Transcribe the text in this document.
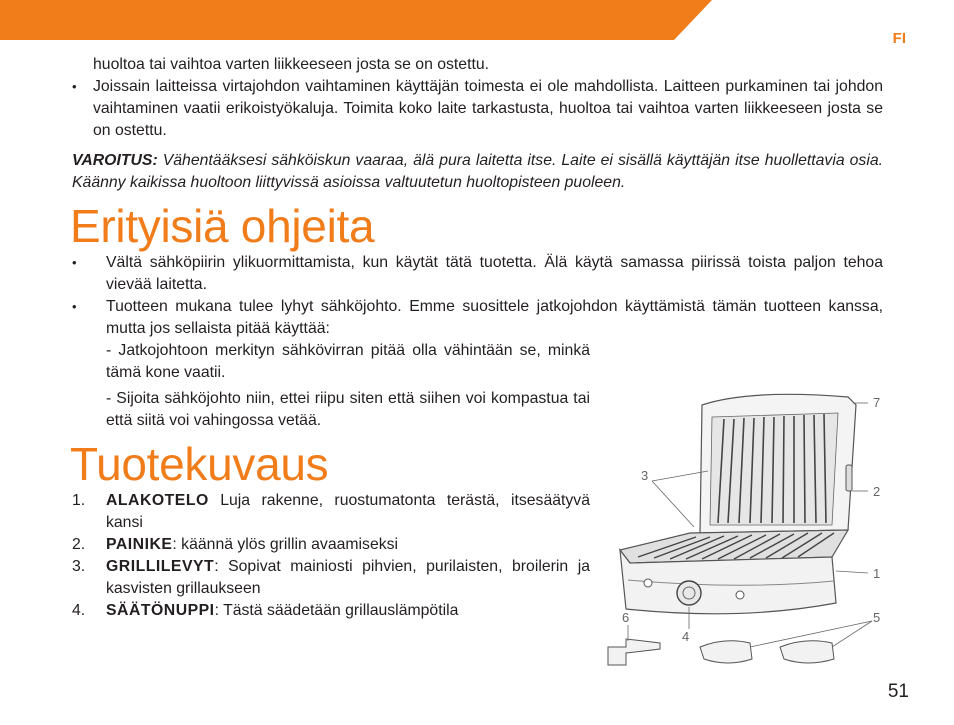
FI

huoltoa tai vaihtoa varten liikkeeseen josta se on ostettu.

• Joissain laitteissa virtajohdon vaihtaminen käyttäjän toimesta ei ole mahdollista. Laitteen purkaminen tai johdon vaihtaminen vaatii erikoistyökaluja. Toimita koko laite tarkastusta, huoltoa tai vaihtoa varten liikkeeseen josta se on ostettu.

VAROITUS: Vähentääksesi sähköiskun vaaraa, älä pura laitetta itse. Laite ei sisällä käyttäjän itse huollettavia osia. Käänny kaikissa huoltoon liittyvissä asioissa valtuutetun huoltopisteen puoleen.

Erityisiä ohjeita
• Vältä sähköpiirin ylikuormittamista, kun käytät tätä tuotetta. Älä käytä samassa piirissä toista paljon tehoa vievää laitetta.
• Tuotteen mukana tulee lyhyt sähköjohto. Emme suosittele jatkojohdon käyttämistä tämän tuotteen kanssa, mutta jos sellaista pitää käyttää:

- Jatkojohtoon merkityn sähkövirran pitää olla vähintään se, minkä tämä kone vaatii.

- Sijoita sähköjohto niin, ettei riipu siten että siihen voi kompastua tai että siitä voi vahingossa vetää.

Tuotekuvaus
1. ALAKOTELO Luja rakenne, ruostumatonta terästä, itsesäätyvä kansi
2. PAINIKE: käännä ylös grillin avaamiseksi
3. GRILLILEVYT: Sopivat mainiosti pihvien, purilaisten, broilerin ja kasvisten grillaukseen
4. SÄÄTÖNUPPI: Tästä säädetään grillauslämpötila
7
3
2
1
6
4
5
51
